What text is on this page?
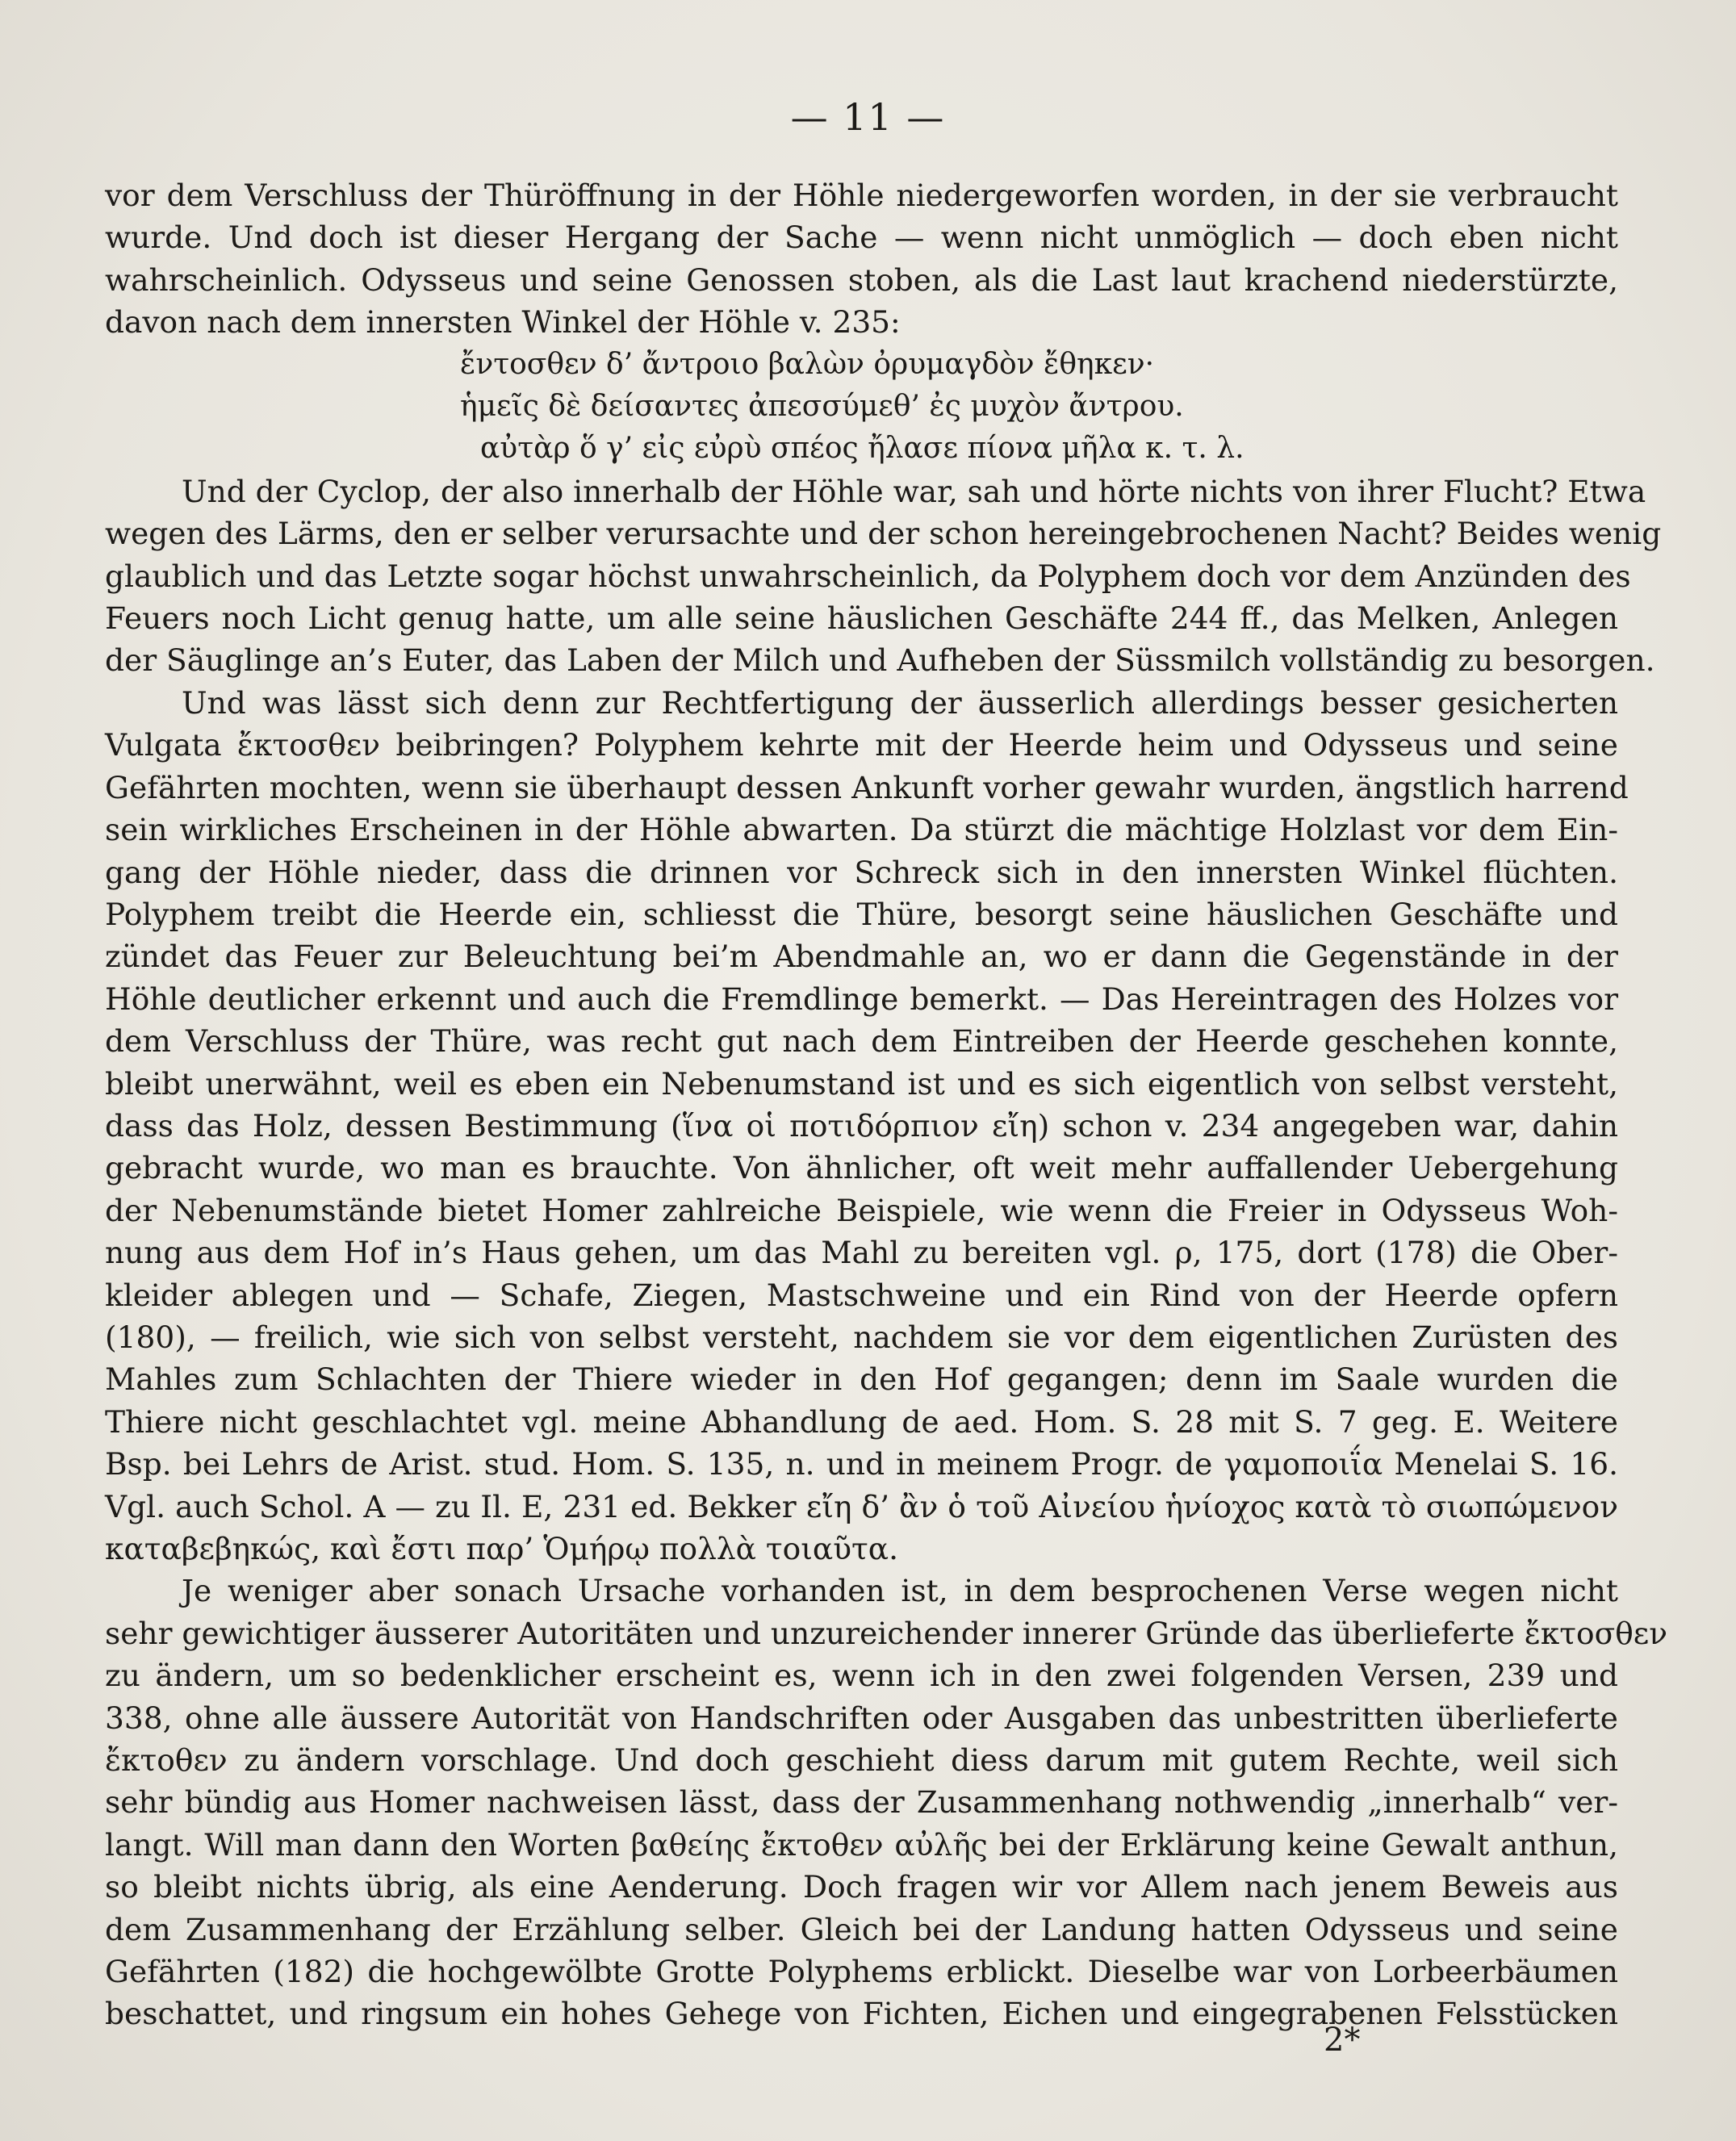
— 11 —

vor dem Verschluss der Thüröffnung in der Höhle niedergeworfen worden, in der sie verbraucht

wurde. Und doch ist dieser Hergang der Sache — wenn nicht unmöglich — doch eben nicht

wahrscheinlich. Odysseus und seine Genossen stoben, als die Last laut krachend niederstürzte,

davon nach dem innersten Winkel der Höhle v. 235:

ἔντοσθεν δ’ ἄντροιο βαλὼν ὀρυμαγδὸν ἔθηκεν·

ἡμεῖς δὲ δείσαντες ἀπεσσύμεθ’ ἐς μυχὸν ἄντρου.

αὐτὰρ ὅ γ’ εἰς εὐρὺ σπέος ἤλασε πίονα μῆλα κ. τ. λ.

Und der Cyclop, der also innerhalb der Höhle war, sah und hörte nichts von ihrer Flucht? Etwa

wegen des Lärms, den er selber verursachte und der schon hereingebrochenen Nacht? Beides wenig

glaublich und das Letzte sogar höchst unwahrscheinlich, da Polyphem doch vor dem Anzünden des

Feuers noch Licht genug hatte, um alle seine häuslichen Geschäfte 244 ff., das Melken, Anlegen

der Säuglinge an’s Euter, das Laben der Milch und Aufheben der Süssmilch vollständig zu besorgen.

Und was lässt sich denn zur Rechtfertigung der äusserlich allerdings besser gesicherten

Vulgata ἔκτοσθεν beibringen? Polyphem kehrte mit der Heerde heim und Odysseus und seine

Gefährten mochten, wenn sie überhaupt dessen Ankunft vorher gewahr wurden, ängstlich harrend

sein wirkliches Erscheinen in der Höhle abwarten. Da stürzt die mächtige Holzlast vor dem Ein-

gang der Höhle nieder, dass die drinnen vor Schreck sich in den innersten Winkel flüchten.

Polyphem treibt die Heerde ein, schliesst die Thüre, besorgt seine häuslichen Geschäfte und

zündet das Feuer zur Beleuchtung bei’m Abendmahle an, wo er dann die Gegenstände in der

Höhle deutlicher erkennt und auch die Fremdlinge bemerkt. — Das Hereintragen des Holzes vor

dem Verschluss der Thüre, was recht gut nach dem Eintreiben der Heerde geschehen konnte,

bleibt unerwähnt, weil es eben ein Nebenumstand ist und es sich eigentlich von selbst versteht,

dass das Holz, dessen Bestimmung (ἵνα οἱ ποτιδόρπιον εἴη) schon v. 234 angegeben war, dahin

gebracht wurde, wo man es brauchte. Von ähnlicher, oft weit mehr auffallender Uebergehung

der Nebenumstände bietet Homer zahlreiche Beispiele, wie wenn die Freier in Odysseus Woh-

nung aus dem Hof in’s Haus gehen, um das Mahl zu bereiten vgl. ρ, 175, dort (178) die Ober-

kleider ablegen und — Schafe, Ziegen, Mastschweine und ein Rind von der Heerde opfern

(180), — freilich, wie sich von selbst versteht, nachdem sie vor dem eigentlichen Zurüsten des

Mahles zum Schlachten der Thiere wieder in den Hof gegangen; denn im Saale wurden die

Thiere nicht geschlachtet vgl. meine Abhandlung de aed. Hom. S. 28 mit S. 7 geg. E. Weitere

Bsp. bei Lehrs de Arist. stud. Hom. S. 135, n. und in meinem Progr. de γαμοποιΐα Menelai S. 16.

Vgl. auch Schol. A — zu Il. E, 231 ed. Bekker εἴη δ’ ἂν ὁ τοῦ Αἰνείου ἡνίοχος κατὰ τὸ σιωπώμενον

καταβεβηκώς, καὶ ἔστι παρ’ Ὁμήρῳ πολλὰ τοιαῦτα.

Je weniger aber sonach Ursache vorhanden ist, in dem besprochenen Verse wegen nicht

sehr gewichtiger äusserer Autoritäten und unzureichender innerer Gründe das überlieferte ἔκτοσθεν

zu ändern, um so bedenklicher erscheint es, wenn ich in den zwei folgenden Versen, 239 und

338, ohne alle äussere Autorität von Handschriften oder Ausgaben das unbestritten überlieferte

ἔκτοθεν zu ändern vorschlage. Und doch geschieht diess darum mit gutem Rechte, weil sich

sehr bündig aus Homer nachweisen lässt, dass der Zusammenhang nothwendig „innerhalb“ ver-

langt. Will man dann den Worten βαθείης ἔκτοθεν αὐλῆς bei der Erklärung keine Gewalt anthun,

so bleibt nichts übrig, als eine Aenderung. Doch fragen wir vor Allem nach jenem Beweis aus

dem Zusammenhang der Erzählung selber. Gleich bei der Landung hatten Odysseus und seine

Gefährten (182) die hochgewölbte Grotte Polyphems erblickt. Dieselbe war von Lorbeerbäumen

beschattet, und ringsum ein hohes Gehege von Fichten, Eichen und eingegrabenen Felsstücken

2*
